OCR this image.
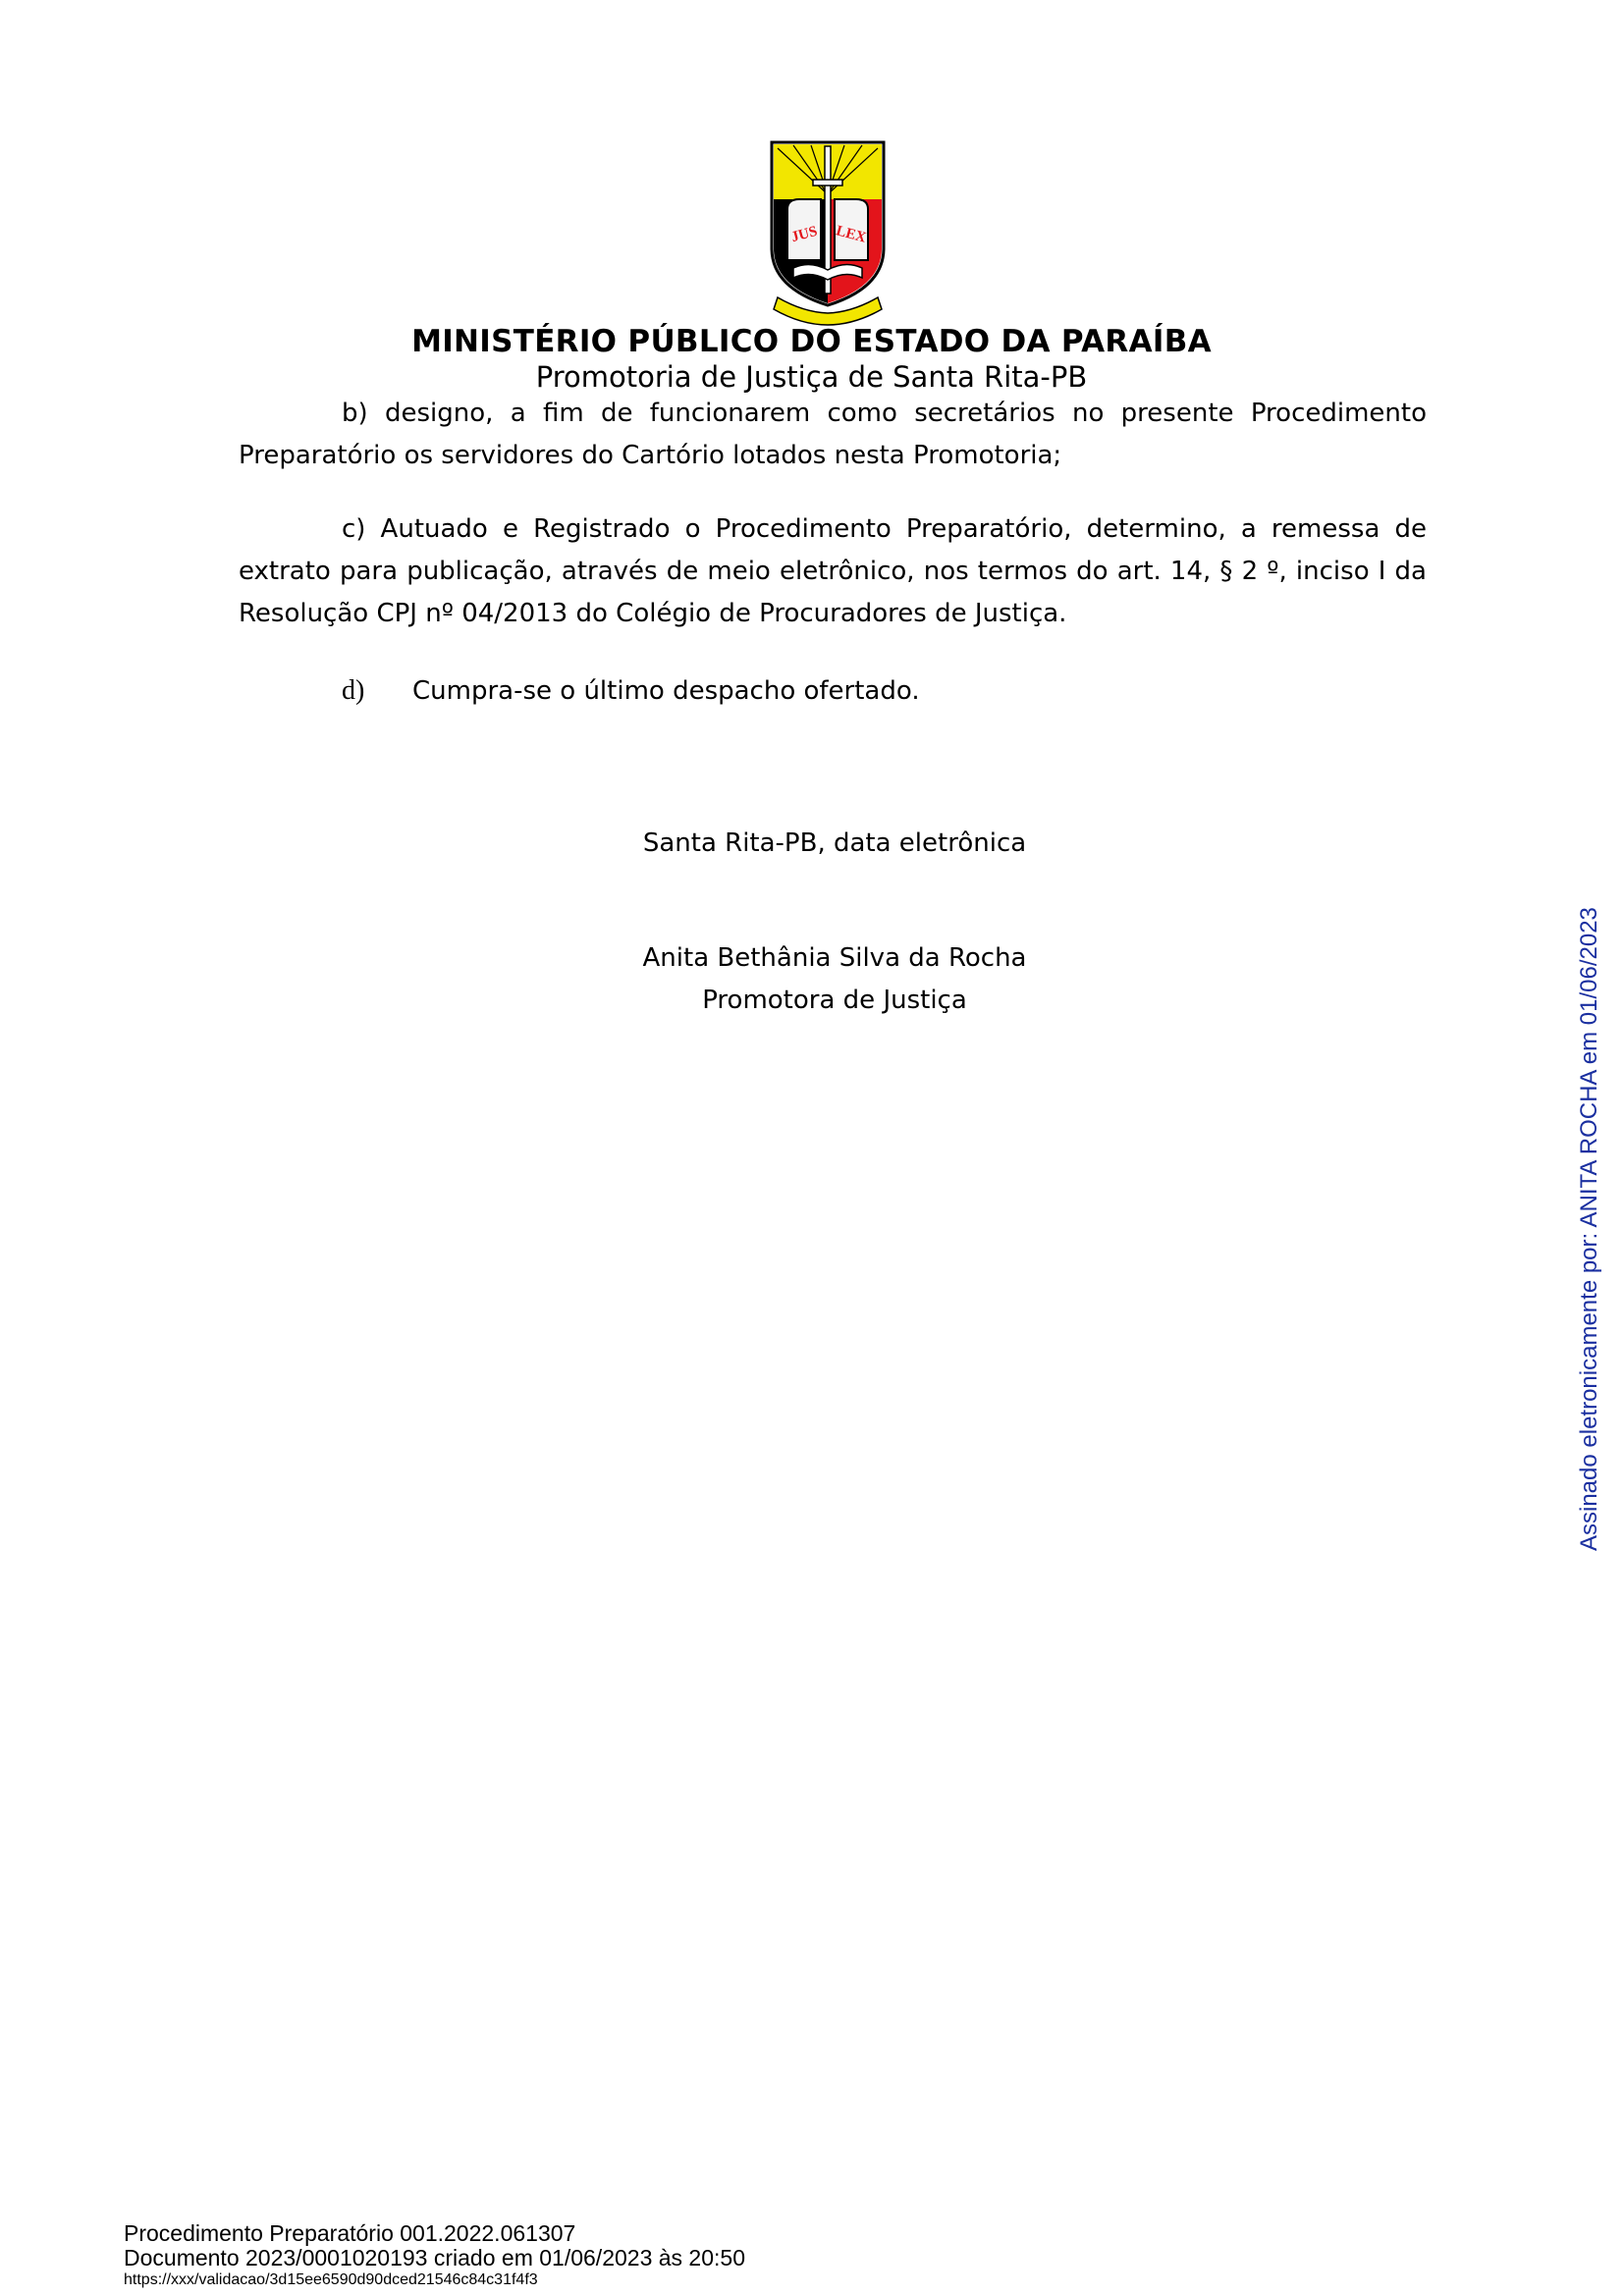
JUS LEX
MINISTÉRIO PÚBLICO DO ESTADO DA PARAÍBA
Promotoria de Justiça de Santa Rita-PB

b) designo, a fim de funcionarem como secretários no presente Procedimento Preparatório os servidores do Cartório lotados nesta Promotoria;

c) Autuado e Registrado o Procedimento Preparatório, determino, a remessa de extrato para publicação, através de meio eletrônico, nos termos do art. 14, § 2 º, inciso I da Resolução CPJ nº 04/2013 do Colégio de Procuradores de Justiça.

d) Cumpra-se o último despacho ofertado.
Santa Rita-PB, data eletrônica
Anita Bethânia Silva da Rocha
Promotora de Justiça	Assinado eletronicamente por: ANITA ROCHA em 01/06/2023
Procedimento Preparatório 001.2022.061307
Documento 2023/0001020193 criado em 01/06/2023 às 20:50
https://xxx/validacao/3d15ee6590d90dced21546c84c31f4f3
